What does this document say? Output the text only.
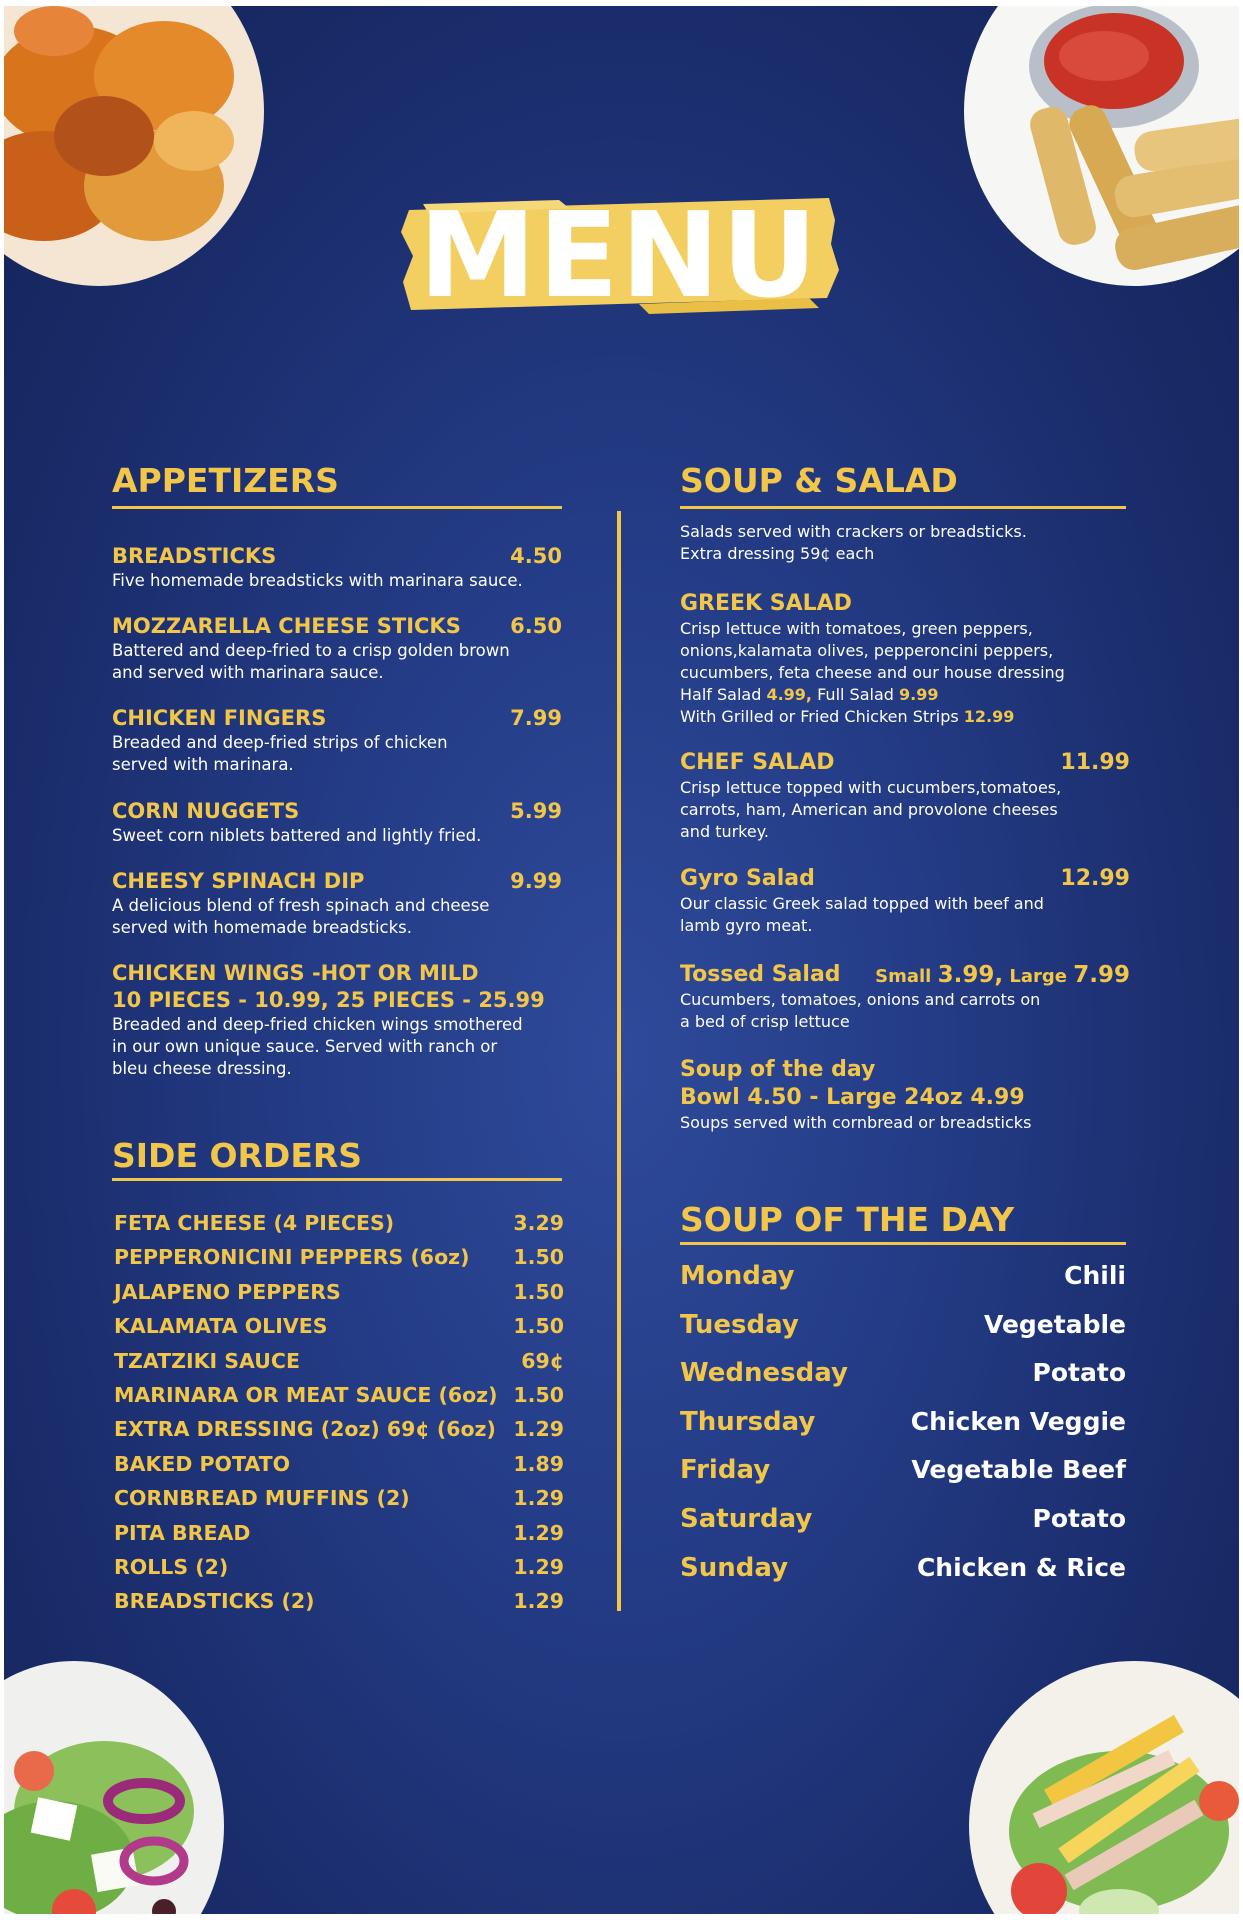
MENU
APPETIZERS
BREADSTICKS	4.50
Five homemade breadsticks with marinara sauce.
MOZZARELLA CHEESE STICKS	6.50
Battered and deep-fried to a crisp golden brown
and served with marinara sauce.
CHICKEN FINGERS	7.99
Breaded and deep-fried strips of chicken
served with marinara.
CORN NUGGETS	5.99
Sweet corn niblets battered and lightly fried.
CHEESY SPINACH DIP	9.99
A delicious blend of fresh spinach and cheese
served with homemade breadsticks.
CHICKEN WINGS -HOT OR MILD
10 PIECES - 10.99, 25 PIECES - 25.99
Breaded and deep-fried chicken wings smothered
in our own unique sauce. Served with ranch or
bleu cheese dressing.
SIDE ORDERS
FETA CHEESE (4 PIECES)	3.29
PEPPERONICINI PEPPERS (6oz) 1.50
JALAPENO PEPPERS	1.50
KALAMATA OLIVES	1.50
TZATZIKI SAUCE	69¢
MARINARA OR MEAT SAUCE (6oz) 1.50
EXTRA DRESSING (2oz) 69¢ (6oz) 1.29
BAKED POTATO	1.89
CORNBREAD MUFFINS (2)	1.29
PITA BREAD	1.29
ROLLS (2)	1.29
BREADSTICKS (2)	1.29
SOUP & SALAD
Salads served with crackers or breadsticks.
Extra dressing 59¢ each
GREEK SALAD
Crisp lettuce with tomatoes, green peppers,
onions,kalamata olives, pepperoncini peppers,
cucumbers, feta cheese and our house dressing
Half Salad 4.99, Full Salad 9.99
With Grilled or Fried Chicken Strips 12.99
CHEF SALAD	11.99
Crisp lettuce topped with cucumbers,tomatoes,
carrots, ham, American and provolone cheeses
and turkey.
Gyro Salad	12.99
Our classic Greek salad topped with beef and
lamb gyro meat.
Tossed Salad	Small 3.99, Large 7.99
Cucumbers, tomatoes, onions and carrots on
a bed of crisp lettuce
Soup of the day
Bowl 4.50 - Large 24oz 4.99
Soups served with cornbread or breadsticks
SOUP OF THE DAY
Monday	Chili
Tuesday	Vegetable
Wednesday	Potato
Thursday	Chicken Veggie
Friday	Vegetable Beef
Saturday	Potato
Sunday	Chicken & Rice
